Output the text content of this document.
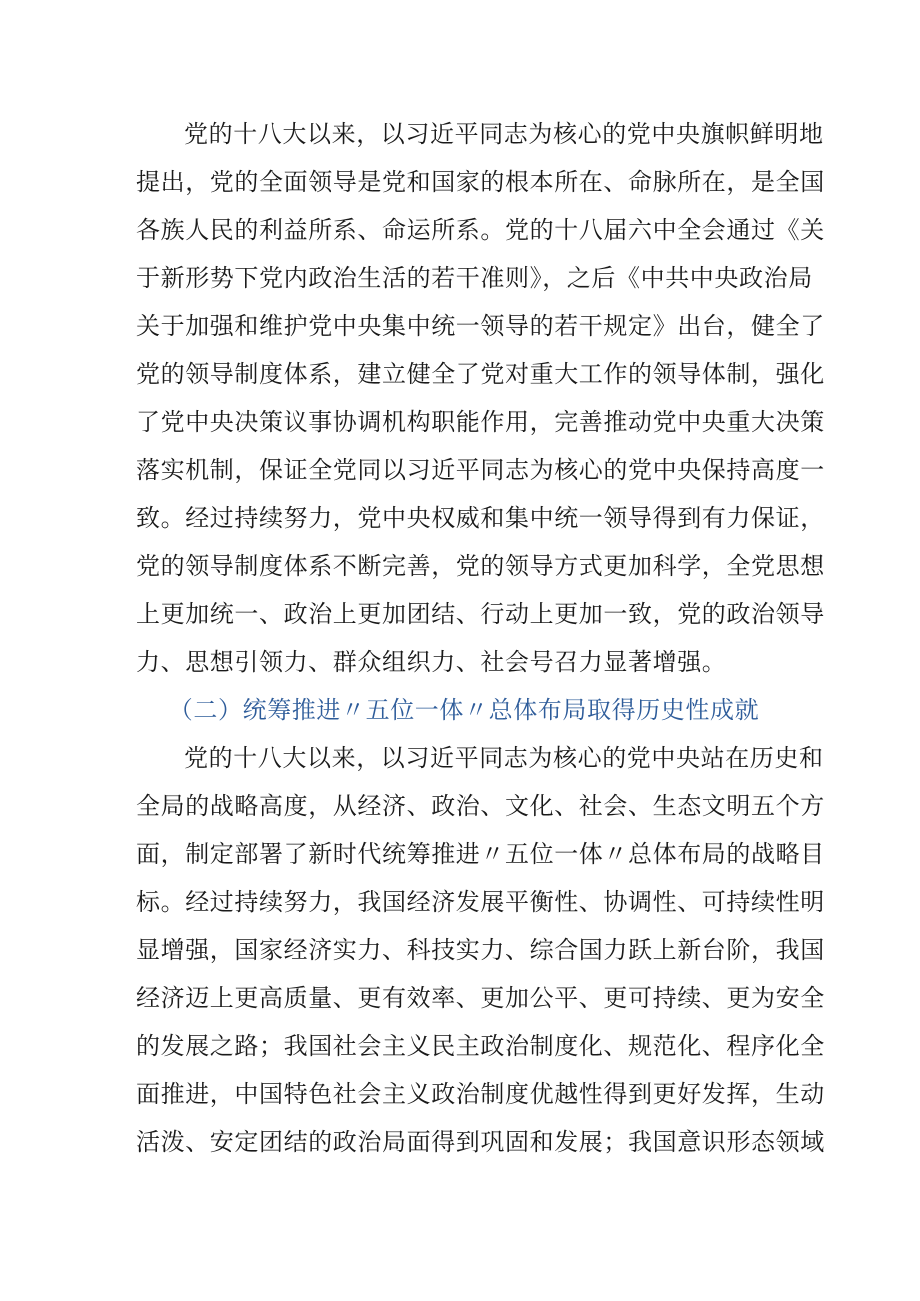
党的十八大以来，以习近平同志为核心的党中央旗帜鲜明地
提出，党的全面领导是党和国家的根本所在、命脉所在，是全国
各族人民的利益所系、命运所系。党的十八届六中全会通过《关
于新形势下党内政治生活的若干准则》，之后《中共中央政治局
关于加强和维护党中央集中统一领导的若干规定》出台，健全了
党的领导制度体系，建立健全了党对重大工作的领导体制，强化
了党中央决策议事协调机构职能作用，完善推动党中央重大决策
落实机制，保证全党同以习近平同志为核心的党中央保持高度一
致。经过持续努力，党中央权威和集中统一领导得到有力保证，
党的领导制度体系不断完善，党的领导方式更加科学，全党思想
上更加统一、政治上更加团结、行动上更加一致，党的政治领导
力、思想引领力、群众组织力、社会号召力显著增强。
（二）统筹推进〃五位一体〃总体布局取得历史性成就
党的十八大以来，以习近平同志为核心的党中央站在历史和
全局的战略高度，从经济、政治、文化、社会、生态文明五个方
面，制定部署了新时代统筹推进〃五位一体〃总体布局的战略目
标。经过持续努力，我国经济发展平衡性、协调性、可持续性明
显增强，国家经济实力、科技实力、综合国力跃上新台阶，我国
经济迈上更高质量、更有效率、更加公平、更可持续、更为安全
的发展之路；我国社会主义民主政治制度化、规范化、程序化全
面推进，中国特色社会主义政治制度优越性得到更好发挥，生动
活泼、安定团结的政治局面得到巩固和发展；我国意识形态领域
